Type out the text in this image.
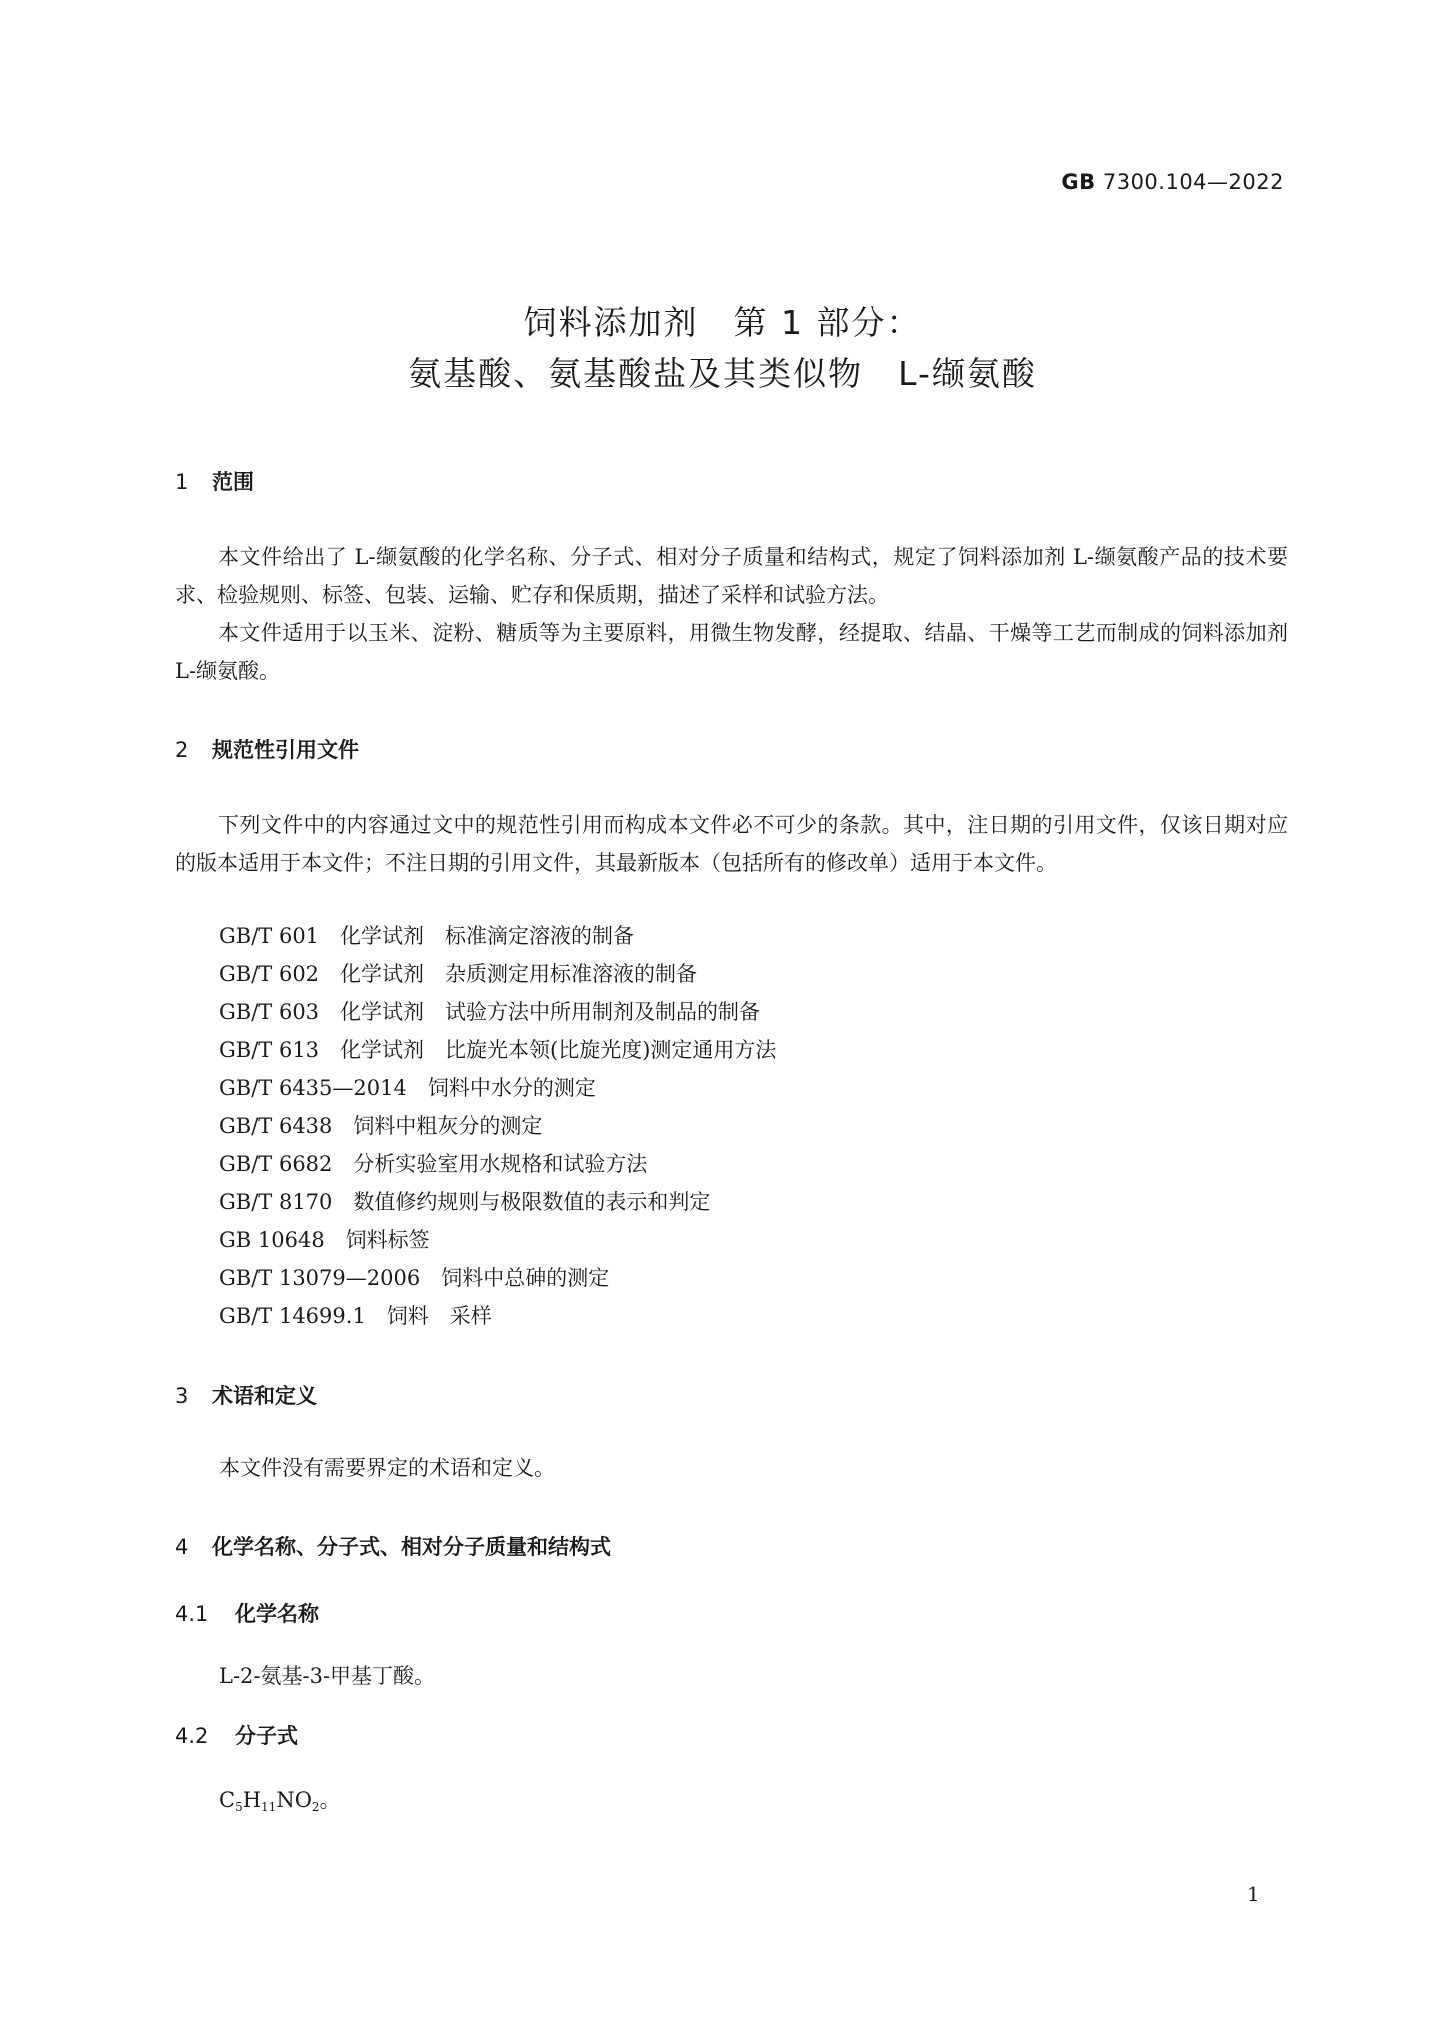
GB 7300.104—2022
饲料添加剂　第 1 部分：
氨基酸、氨基酸盐及其类似物　L-缬氨酸
1 范围
本文件给出了 L-缬氨酸的化学名称、分子式、相对分子质量和结构式，规定了饲料添加剂 L-缬氨酸产品的技术要求、检验规则、标签、包装、运输、贮存和保质期，描述了采样和试验方法。
本文件适用于以玉米、淀粉、糖质等为主要原料，用微生物发酵，经提取、结晶、干燥等工艺而制成的饲料添加剂 L-缬氨酸。
2 规范性引用文件
下列文件中的内容通过文中的规范性引用而构成本文件必不可少的条款。其中，注日期的引用文件，仅该日期对应的版本适用于本文件；不注日期的引用文件，其最新版本（包括所有的修改单）适用于本文件。
GB/T 601　化学试剂　标准滴定溶液的制备
GB/T 602　化学试剂　杂质测定用标准溶液的制备
GB/T 603　化学试剂　试验方法中所用制剂及制品的制备
GB/T 613　化学试剂　比旋光本领(比旋光度)测定通用方法
GB/T 6435—2014　饲料中水分的测定
GB/T 6438　饲料中粗灰分的测定
GB/T 6682　分析实验室用水规格和试验方法
GB/T 8170　数值修约规则与极限数值的表示和判定
GB 10648　饲料标签
GB/T 13079—2006　饲料中总砷的测定
GB/T 14699.1　饲料　采样
3 术语和定义
本文件没有需要界定的术语和定义。
4 化学名称、分子式、相对分子质量和结构式
4.1 化学名称
L-2-氨基-3-甲基丁酸。
4.2 分子式
$C_5H_{11}NO_2$。
1
